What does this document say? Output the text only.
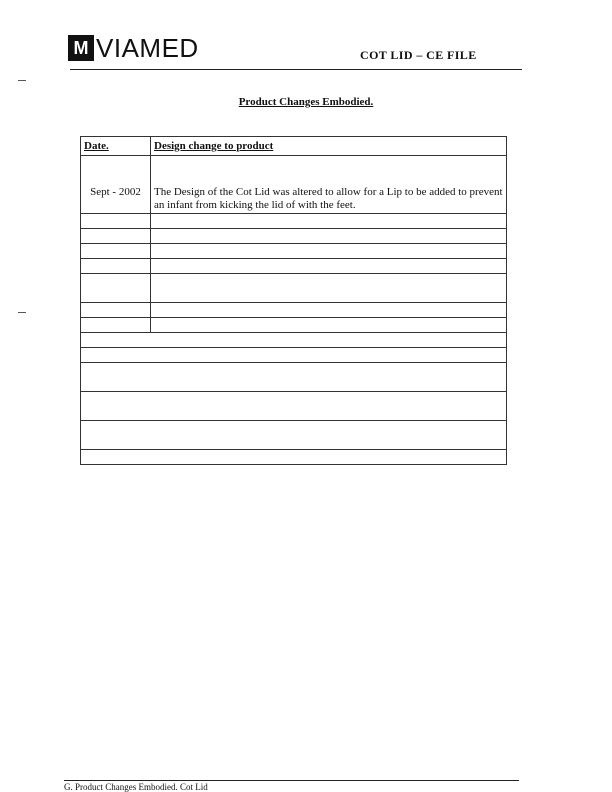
M VIAMED	COT LID – CE FILE
Product Changes Embodied.
Date.	Design change to product
Sept - 2002	The Design of the Cot Lid was altered to allow for a Lip to be added to prevent an infant from kicking the lid of with the feet.

G. Product Changes Embodied. Cot Lid
